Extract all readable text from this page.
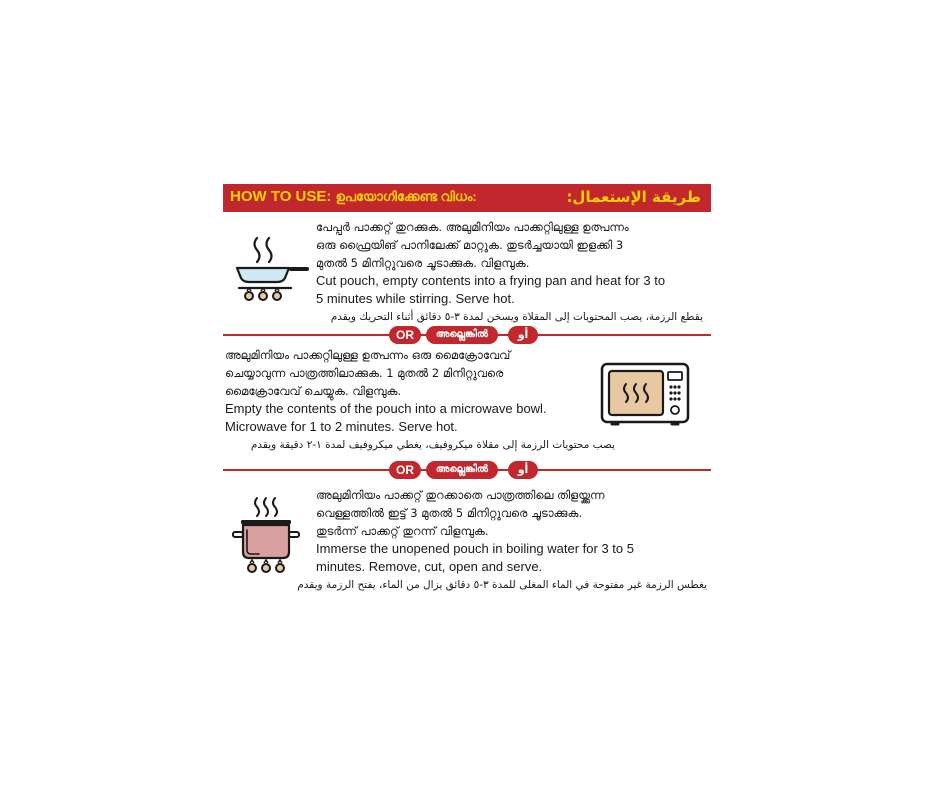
HOW TO USE: ഉപയോഗിക്കേണ്ട വിധം:	طريقة الإستعمال:
പേപ്പർ പാക്കറ്റ് തുറക്കുക. അലുമിനിയം പാക്കറ്റിലുള്ള ഉത്പന്നം
ഒരു ഫ്രൈയിങ് പാനിലേക്ക് മാറ്റുക. തുടർച്ചയായി ഇളക്കി 3
മുതൽ 5 മിനിറ്റുവരെ ചൂടാക്കുക. വിളമ്പുക.
Cut pouch, empty contents into a frying pan and heat for 3 to
5 minutes while stirring. Serve hot.
يقطع الرزمة، يصب المحتويات إلى المقلاة ويسخن لمدة ٣-٥ دقائق أثناء التحريك ويقدم
OR	അല്ലെങ്കിൽ	أو
അലുമിനിയം പാക്കറ്റിലുള്ള ഉത്പന്നം ഒരു മൈക്രോവേവ്
ചെയ്യാവുന്ന പാത്രത്തിലാക്കുക. 1 മുതൽ 2 മിനിറ്റുവരെ
മൈക്രോവേവ് ചെയ്യുക. വിളമ്പുക.
Empty the contents of the pouch into a microwave bowl.
Microwave for 1 to 2 minutes. Serve hot.
يصب محتويات الرزمة إلى مقلاة ميكروفيف، يغطي ميكروفيف لمدة ١-٢ دقيقة ويقدم
OR	അല്ലെങ്കിൽ	أو
അലുമിനിയം പാക്കറ്റ് തുറക്കാതെ പാത്രത്തിലെ തിളയ്ക്കുന്ന
വെള്ളത്തിൽ ഇട്ട് 3 മുതൽ 5 മിനിറ്റുവരെ ചൂടാക്കുക.
തുടർന്ന് പാക്കറ്റ് തുറന്ന് വിളമ്പുക.
Immerse the unopened pouch in boiling water for 3 to 5
minutes. Remove, cut, open and serve.
يغطس الرزمة غير مفتوحة في الماء المغلى للمدة ٣-٥ دقائق يزال من الماء، يفتح الرزمة ويقدم
